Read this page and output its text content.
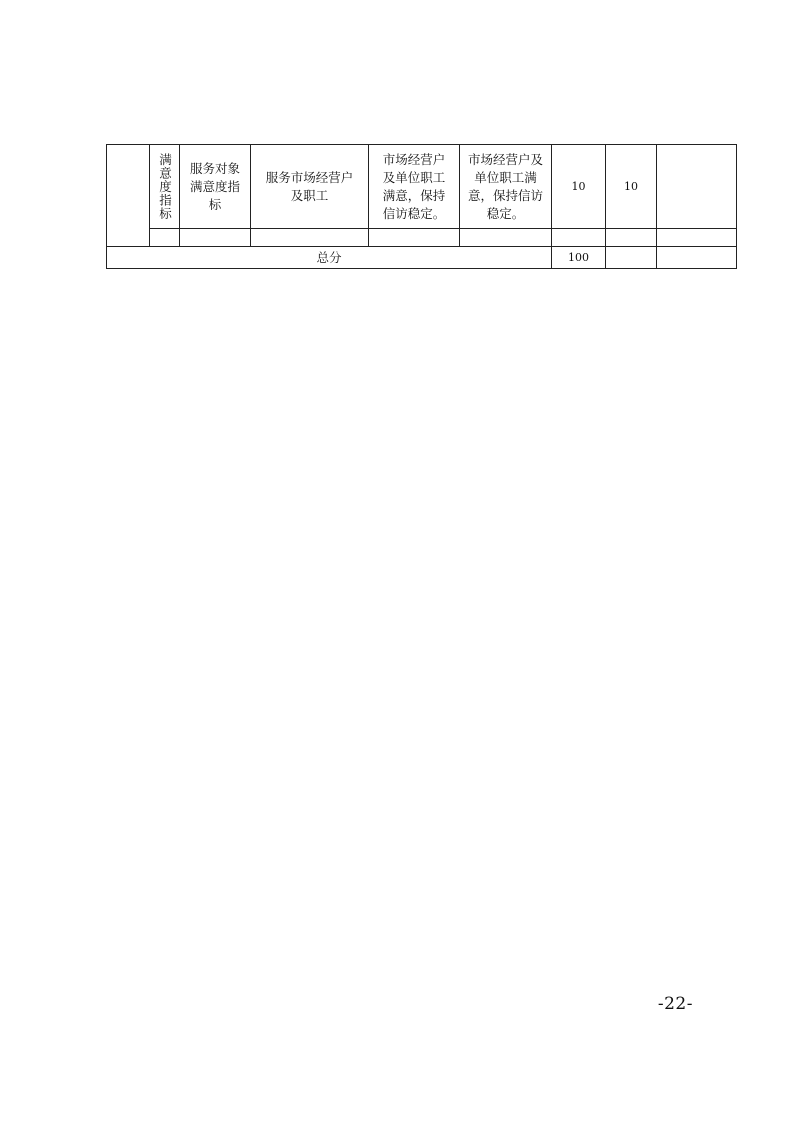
	满意度指标	服务对象满意度指标	服务市场经营户及职工	市场经营户及单位职工满意，保持信访稳定。	市场经营户及单位职工满意，保持信访稳定。	10	10	

总分						100		
-22-
